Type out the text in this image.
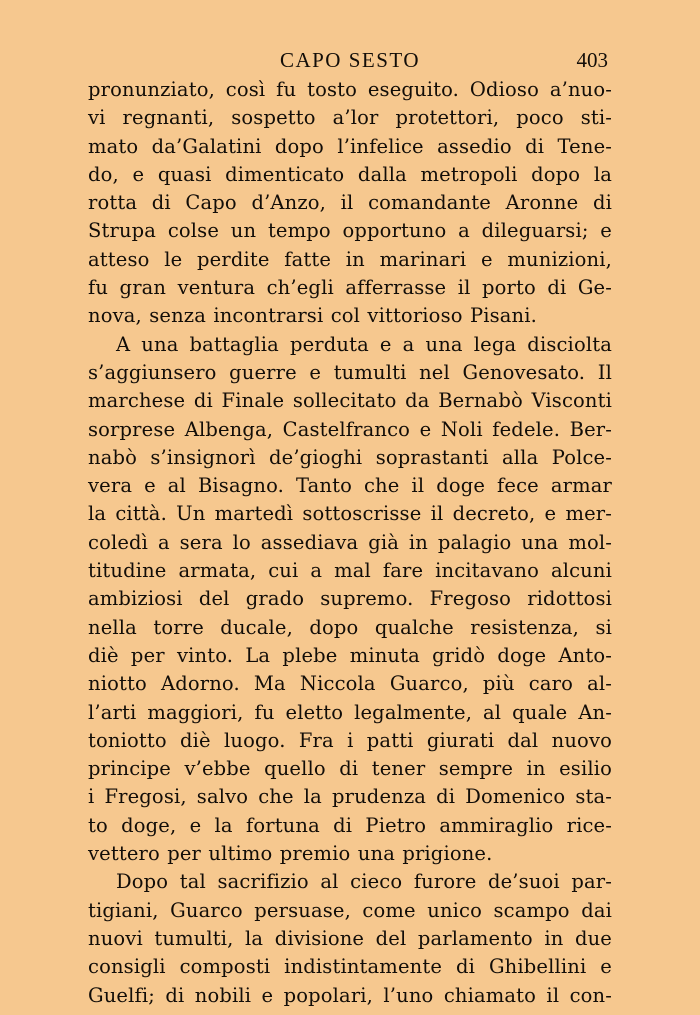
CAPO SESTO	403
pronunziato, così fu tosto eseguito. Odioso a’nuo-
vi regnanti, sospetto a’lor protettori, poco sti-
mato da’Galatini dopo l’infelice assedio di Tene-
do, e quasi dimenticato dalla metropoli dopo la
rotta di Capo d’Anzo, il comandante Aronne di
Strupa colse un tempo opportuno a dileguarsi; e
atteso le perdite fatte in marinari e munizioni,
fu gran ventura ch’egli afferrasse il porto di Ge-
nova, senza incontrarsi col vittorioso Pisani.
A una battaglia perduta e a una lega disciolta
s’aggiunsero guerre e tumulti nel Genovesato. Il
marchese di Finale sollecitato da Bernabò Visconti
sorprese Albenga, Castelfranco e Noli fedele. Ber-
nabò s’insignorì de’gioghi soprastanti alla Polce-
vera e al Bisagno. Tanto che il doge fece armar
la città. Un martedì sottoscrisse il decreto, e mer-
coledì a sera lo assediava già in palagio una mol-
titudine armata, cui a mal fare incitavano alcuni
ambiziosi del grado supremo. Fregoso ridottosi
nella torre ducale, dopo qualche resistenza, si
diè per vinto. La plebe minuta gridò doge Anto-
niotto Adorno. Ma Niccola Guarco, più caro al-
l’arti maggiori, fu eletto legalmente, al quale An-
toniotto diè luogo. Fra i patti giurati dal nuovo
principe v’ebbe quello di tener sempre in esilio
i Fregosi, salvo che la prudenza di Domenico sta-
to doge, e la fortuna di Pietro ammiraglio rice-
vettero per ultimo premio una prigione.
Dopo tal sacrifizio al cieco furore de’suoi par-
tigiani, Guarco persuase, come unico scampo dai
nuovi tumulti, la divisione del parlamento in due
consigli composti indistintamente di Ghibellini e
Guelfi; di nobili e popolari, l’uno chiamato il con-
